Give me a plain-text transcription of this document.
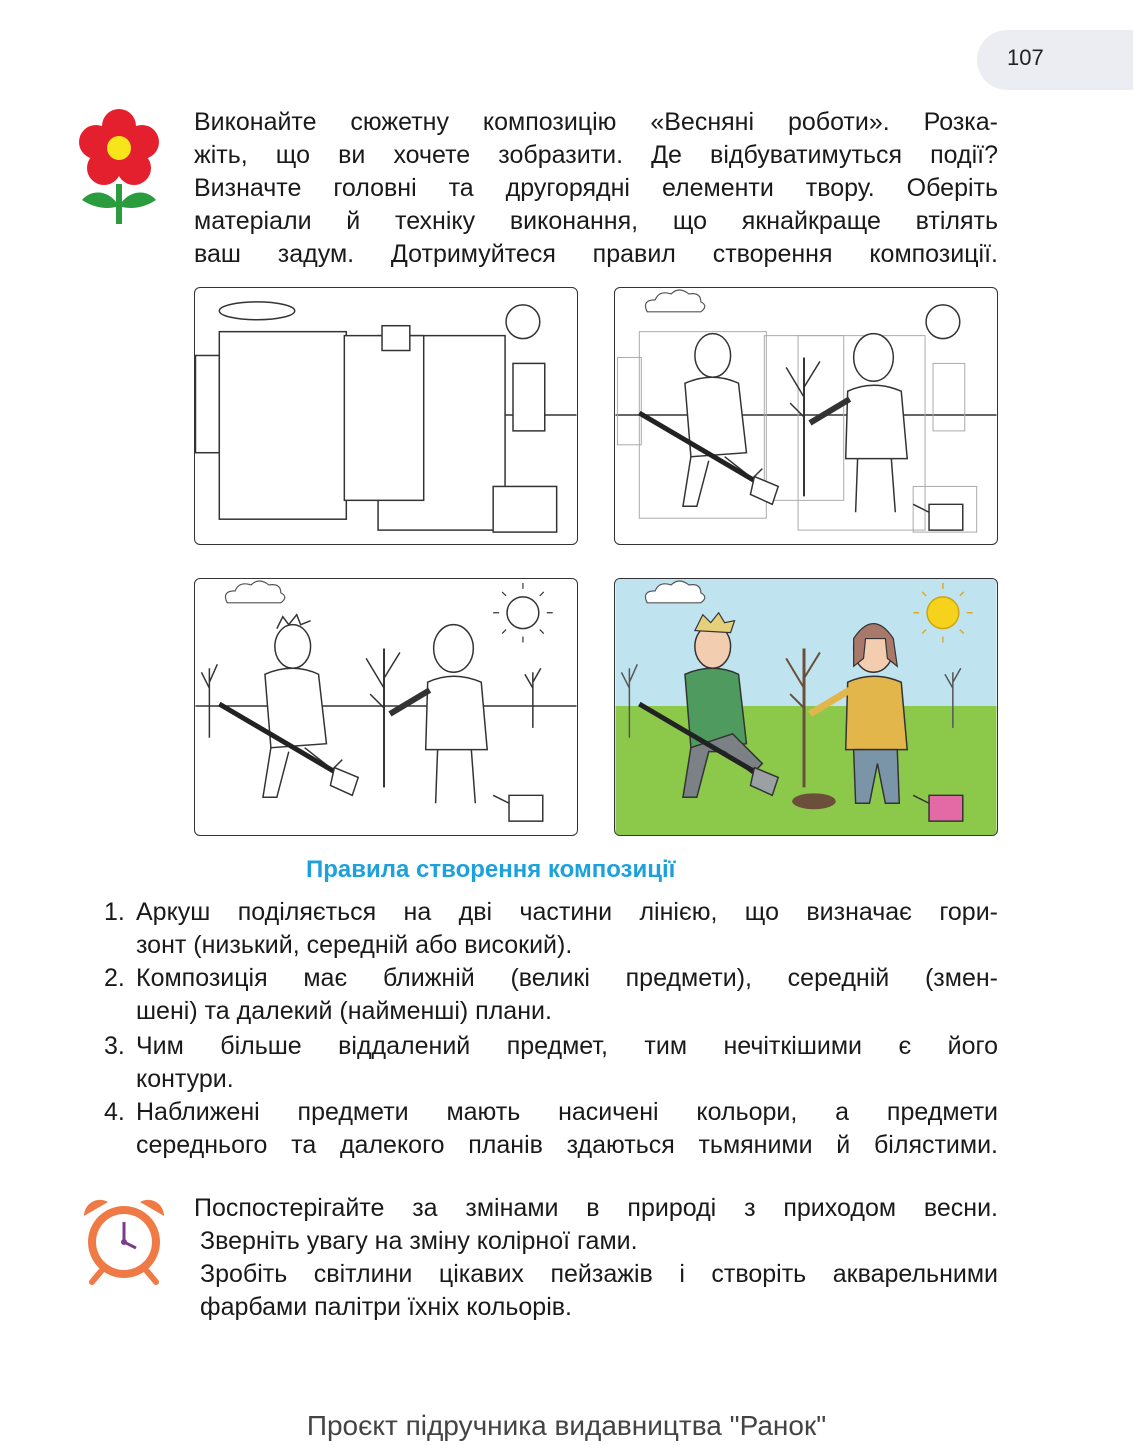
107
Виконайте сюжетну композицію «Весняні роботи». Розка-
жіть, що ви хочете зобразити. Де відбуватимуться події?
Визначте головні та другорядні елементи твору. Оберіть
матеріали й техніку виконання, що якнайкраще втілять
ваш задум. Дотримуйтеся правил створення композиції.
Правила створення композиції
1. Аркуш поділяється на дві частини лінією, що визначає гори-
зонт (низький, середній або високий).
2. Композиція має ближній (великі предмети), середній (змен-
шені) та далекий (найменші) плани.
3. Чим більше віддалений предмет, тим нечіткішими є його
контури.
4. Наближені предмети мають насичені кольори, а предмети
середнього та далекого планів здаються тьмяними й білястими.
Поспостерігайте за змінами в природі з приходом весни.
Зверніть увагу на зміну колірної гами.
Зробіть світлини цікавих пейзажів і створіть акварельними
фарбами палітри їхніх кольорів.
Проєкт підручника видавництва "Ранок"
